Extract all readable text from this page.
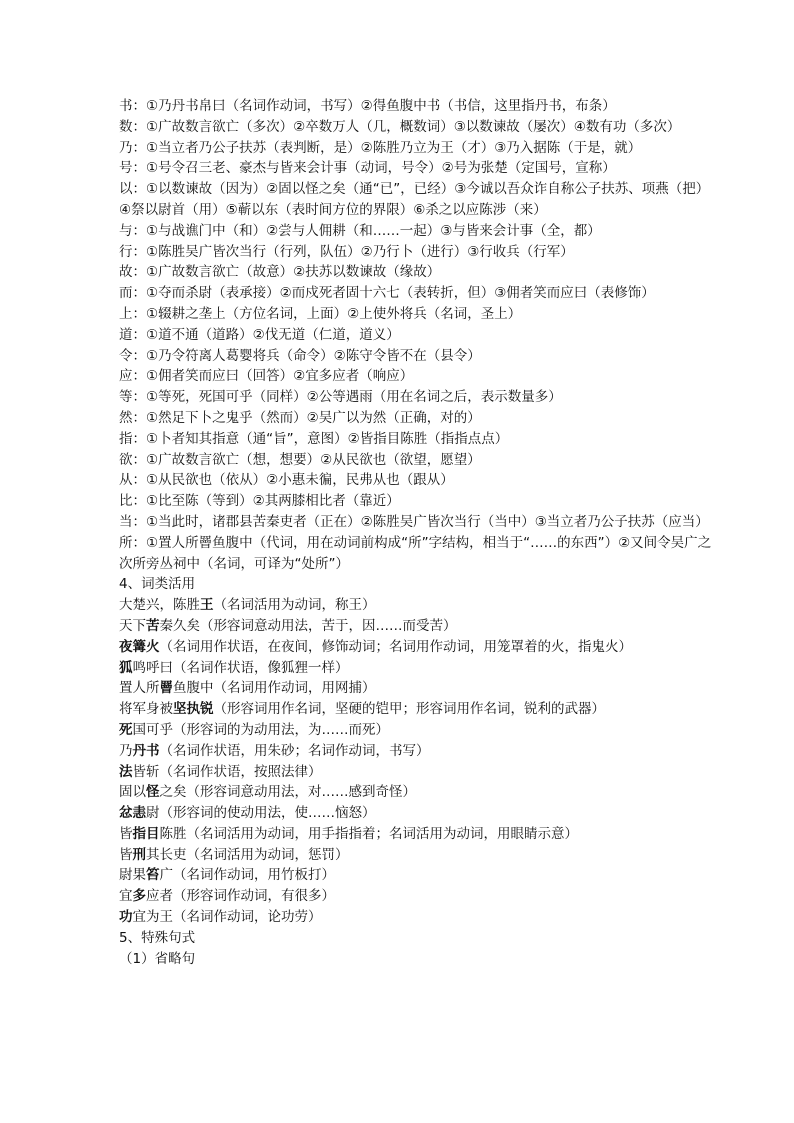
书：①乃丹书帛曰（名词作动词，书写）②得鱼腹中书（书信，这里指丹书，布条）

数：①广故数言欲亡（多次）②卒数万人（几，概数词）③以数谏故（屡次）④数有功（多次）

乃：①当立者乃公子扶苏（表判断，是）②陈胜乃立为王（才）③乃入据陈（于是，就）

号：①号令召三老、豪杰与皆来会计事（动词，号令）②号为张楚（定国号，宣称）

以：①以数谏故（因为）②固以怪之矣（通“已”，已经）③今诚以吾众诈自称公子扶苏、项燕（把）④祭以尉首（用）⑤蕲以东（表时间方位的界限）⑥杀之以应陈涉（来）

与：①与战谯门中（和）②尝与人佣耕（和……一起）③与皆来会计事（全，都）

行：①陈胜吴广皆次当行（行列，队伍）②乃行卜（进行）③行收兵（行军）

故：①广故数言欲亡（故意）②扶苏以数谏故（缘故）

而：①夺而杀尉（表承接）②而戍死者固十六七（表转折，但）③佣者笑而应曰（表修饰）

上：①辍耕之垄上（方位名词，上面）②上使外将兵（名词，圣上）

道：①道不通（道路）②伐无道（仁道，道义）

令：①乃令符离人葛婴将兵（命令）②陈守令皆不在（县令）

应：①佣者笑而应曰（回答）②宜多应者（响应）

等：①等死，死国可乎（同样）②公等遇雨（用在名词之后，表示数量多）

然：①然足下卜之鬼乎（然而）②吴广以为然（正确，对的）

指：①卜者知其指意（通“旨”，意图）②皆指目陈胜（指指点点）

欲：①广故数言欲亡（想，想要）②从民欲也（欲望，愿望）

从：①从民欲也（依从）②小惠未徧，民弗从也（跟从）

比：①比至陈（等到）②其两膝相比者（靠近）

当：①当此时，诸郡县苦秦吏者（正在）②陈胜吴广皆次当行（当中）③当立者乃公子扶苏（应当）

所：①置人所罾鱼腹中（代词，用在动词前构成“所”字结构，相当于“……的东西”）②又间令吴广之次所旁丛祠中（名词，可译为“处所”）

4、词类活用

大楚兴，陈胜王（名词活用为动词，称王）

天下苦秦久矣（形容词意动用法，苦于，因……而受苦）

夜篝火（名词用作状语，在夜间，修饰动词；名词用作动词，用笼罩着的火，指鬼火）

狐鸣呼曰（名词作状语，像狐狸一样）

置人所罾鱼腹中（名词用作动词，用网捕）

将军身被坚执锐（形容词用作名词，坚硬的铠甲；形容词用作名词，锐利的武器）

死国可乎（形容词的为动用法，为……而死）

乃丹书（名词作状语，用朱砂；名词作动词，书写）

法皆斩（名词作状语，按照法律）

固以怪之矣（形容词意动用法，对……感到奇怪）

忿恚尉（形容词的使动用法，使……恼怒）

皆指目陈胜（名词活用为动词，用手指指着；名词活用为动词，用眼睛示意）

皆刑其长吏（名词活用为动词，惩罚）

尉果笞广（名词作动词，用竹板打）

宜多应者（形容词作动词，有很多）

功宜为王（名词作动词，论功劳）

5、特殊句式

（1）省略句
